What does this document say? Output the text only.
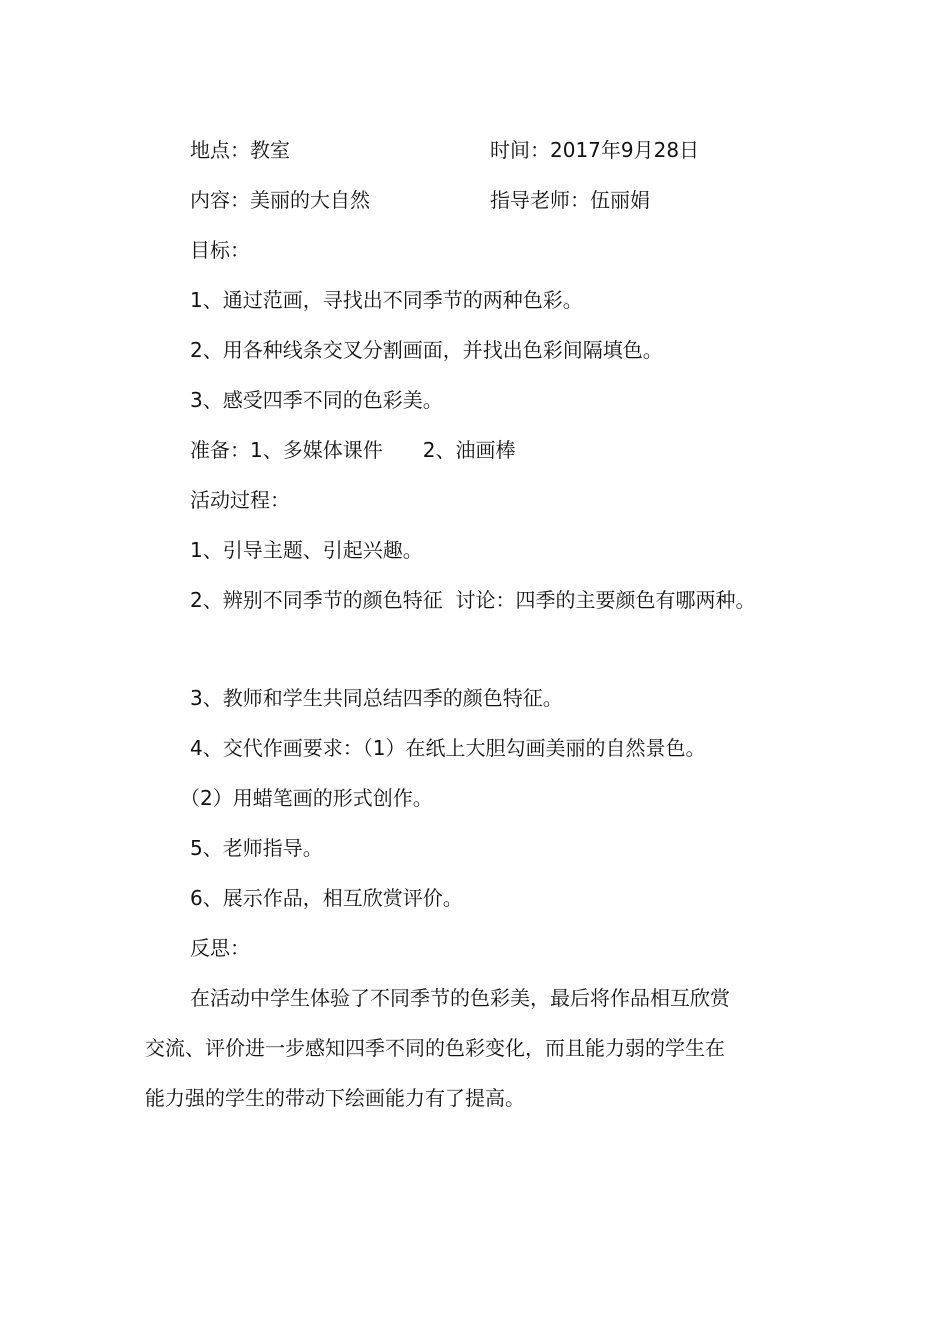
地点：教室	时间：2017年9月28日
内容：美丽的大自然	指导老师：伍丽娟
目标：
1、通过范画，寻找出不同季节的两种色彩。
2、用各种线条交叉分割画面，并找出色彩间隔填色。
3、感受四季不同的色彩美。
准备：1、多媒体课件　　2、油画棒
活动过程：
1、引导主题、引起兴趣。
2、辨别不同季节的颜色特征  讨论：四季的主要颜色有哪两种。
3、教师和学生共同总结四季的颜色特征。
4、交代作画要求：（1）在纸上大胆勾画美丽的自然景色。
（2）用蜡笔画的形式创作。
5、老师指导。
6、展示作品，相互欣赏评价。
反思：
在活动中学生体验了不同季节的色彩美，最后将作品相互欣赏
交流、评价进一步感知四季不同的色彩变化，而且能力弱的学生在
能力强的学生的带动下绘画能力有了提高。
